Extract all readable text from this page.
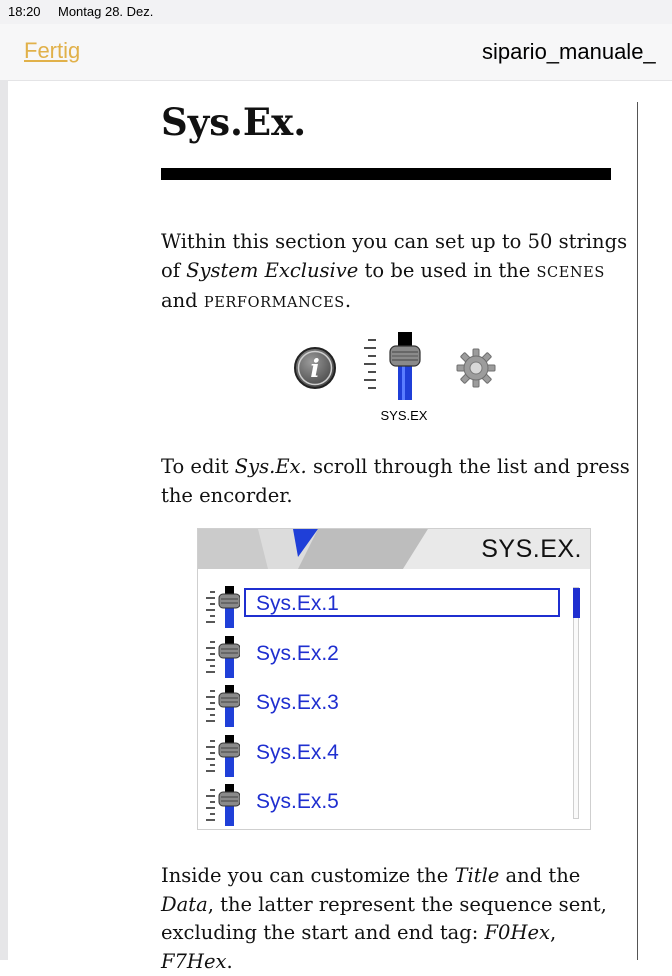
18:20 Montag 28. Dez.
Fertig	sipario_manuale_
Sys.Ex.

Within this section you can set up to 50 strings of System Exclusive to be used in the SCENES and PERFORMANCES.

i
SYS.EX

To edit Sys.Ex. scroll through the list and press the encorder.

SYS.EX.
Sys.Ex.1
Sys.Ex.2
Sys.Ex.3
Sys.Ex.4
Sys.Ex.5

Inside you can customize the Title and the Data, the latter represent the sequence sent, excluding the start and end tag: F0Hex, F7Hex.
